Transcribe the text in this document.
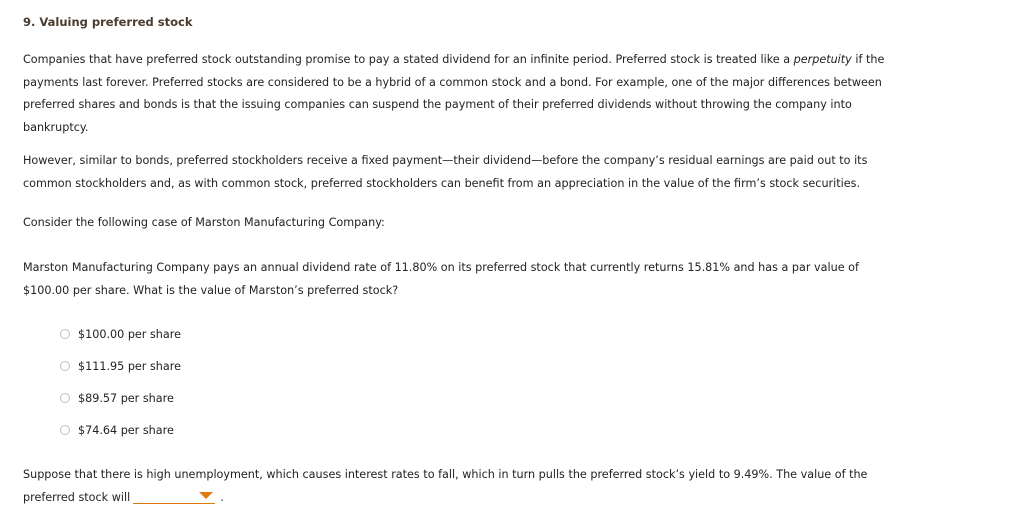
9. Valuing preferred stock

Companies that have preferred stock outstanding promise to pay a stated dividend for an infinite period. Preferred stock is treated like a perpetuity if the payments last forever. Preferred stocks are considered to be a hybrid of a common stock and a bond. For example, one of the major differences between preferred shares and bonds is that the issuing companies can suspend the payment of their preferred dividends without throwing the company into bankruptcy.

However, similar to bonds, preferred stockholders receive a fixed payment—their dividend—before the company’s residual earnings are paid out to its common stockholders and, as with common stock, preferred stockholders can benefit from an appreciation in the value of the firm’s stock securities.

Consider the following case of Marston Manufacturing Company:

Marston Manufacturing Company pays an annual dividend rate of 11.80% on its preferred stock that currently returns 15.81% and has a par value of $100.00 per share. What is the value of Marston’s preferred stock?

$100.00 per share
$111.95 per share
$89.57 per share
$74.64 per share

Suppose that there is high unemployment, which causes interest rates to fall, which in turn pulls the preferred stock’s yield to 9.49%. The value of the preferred stock will	.
